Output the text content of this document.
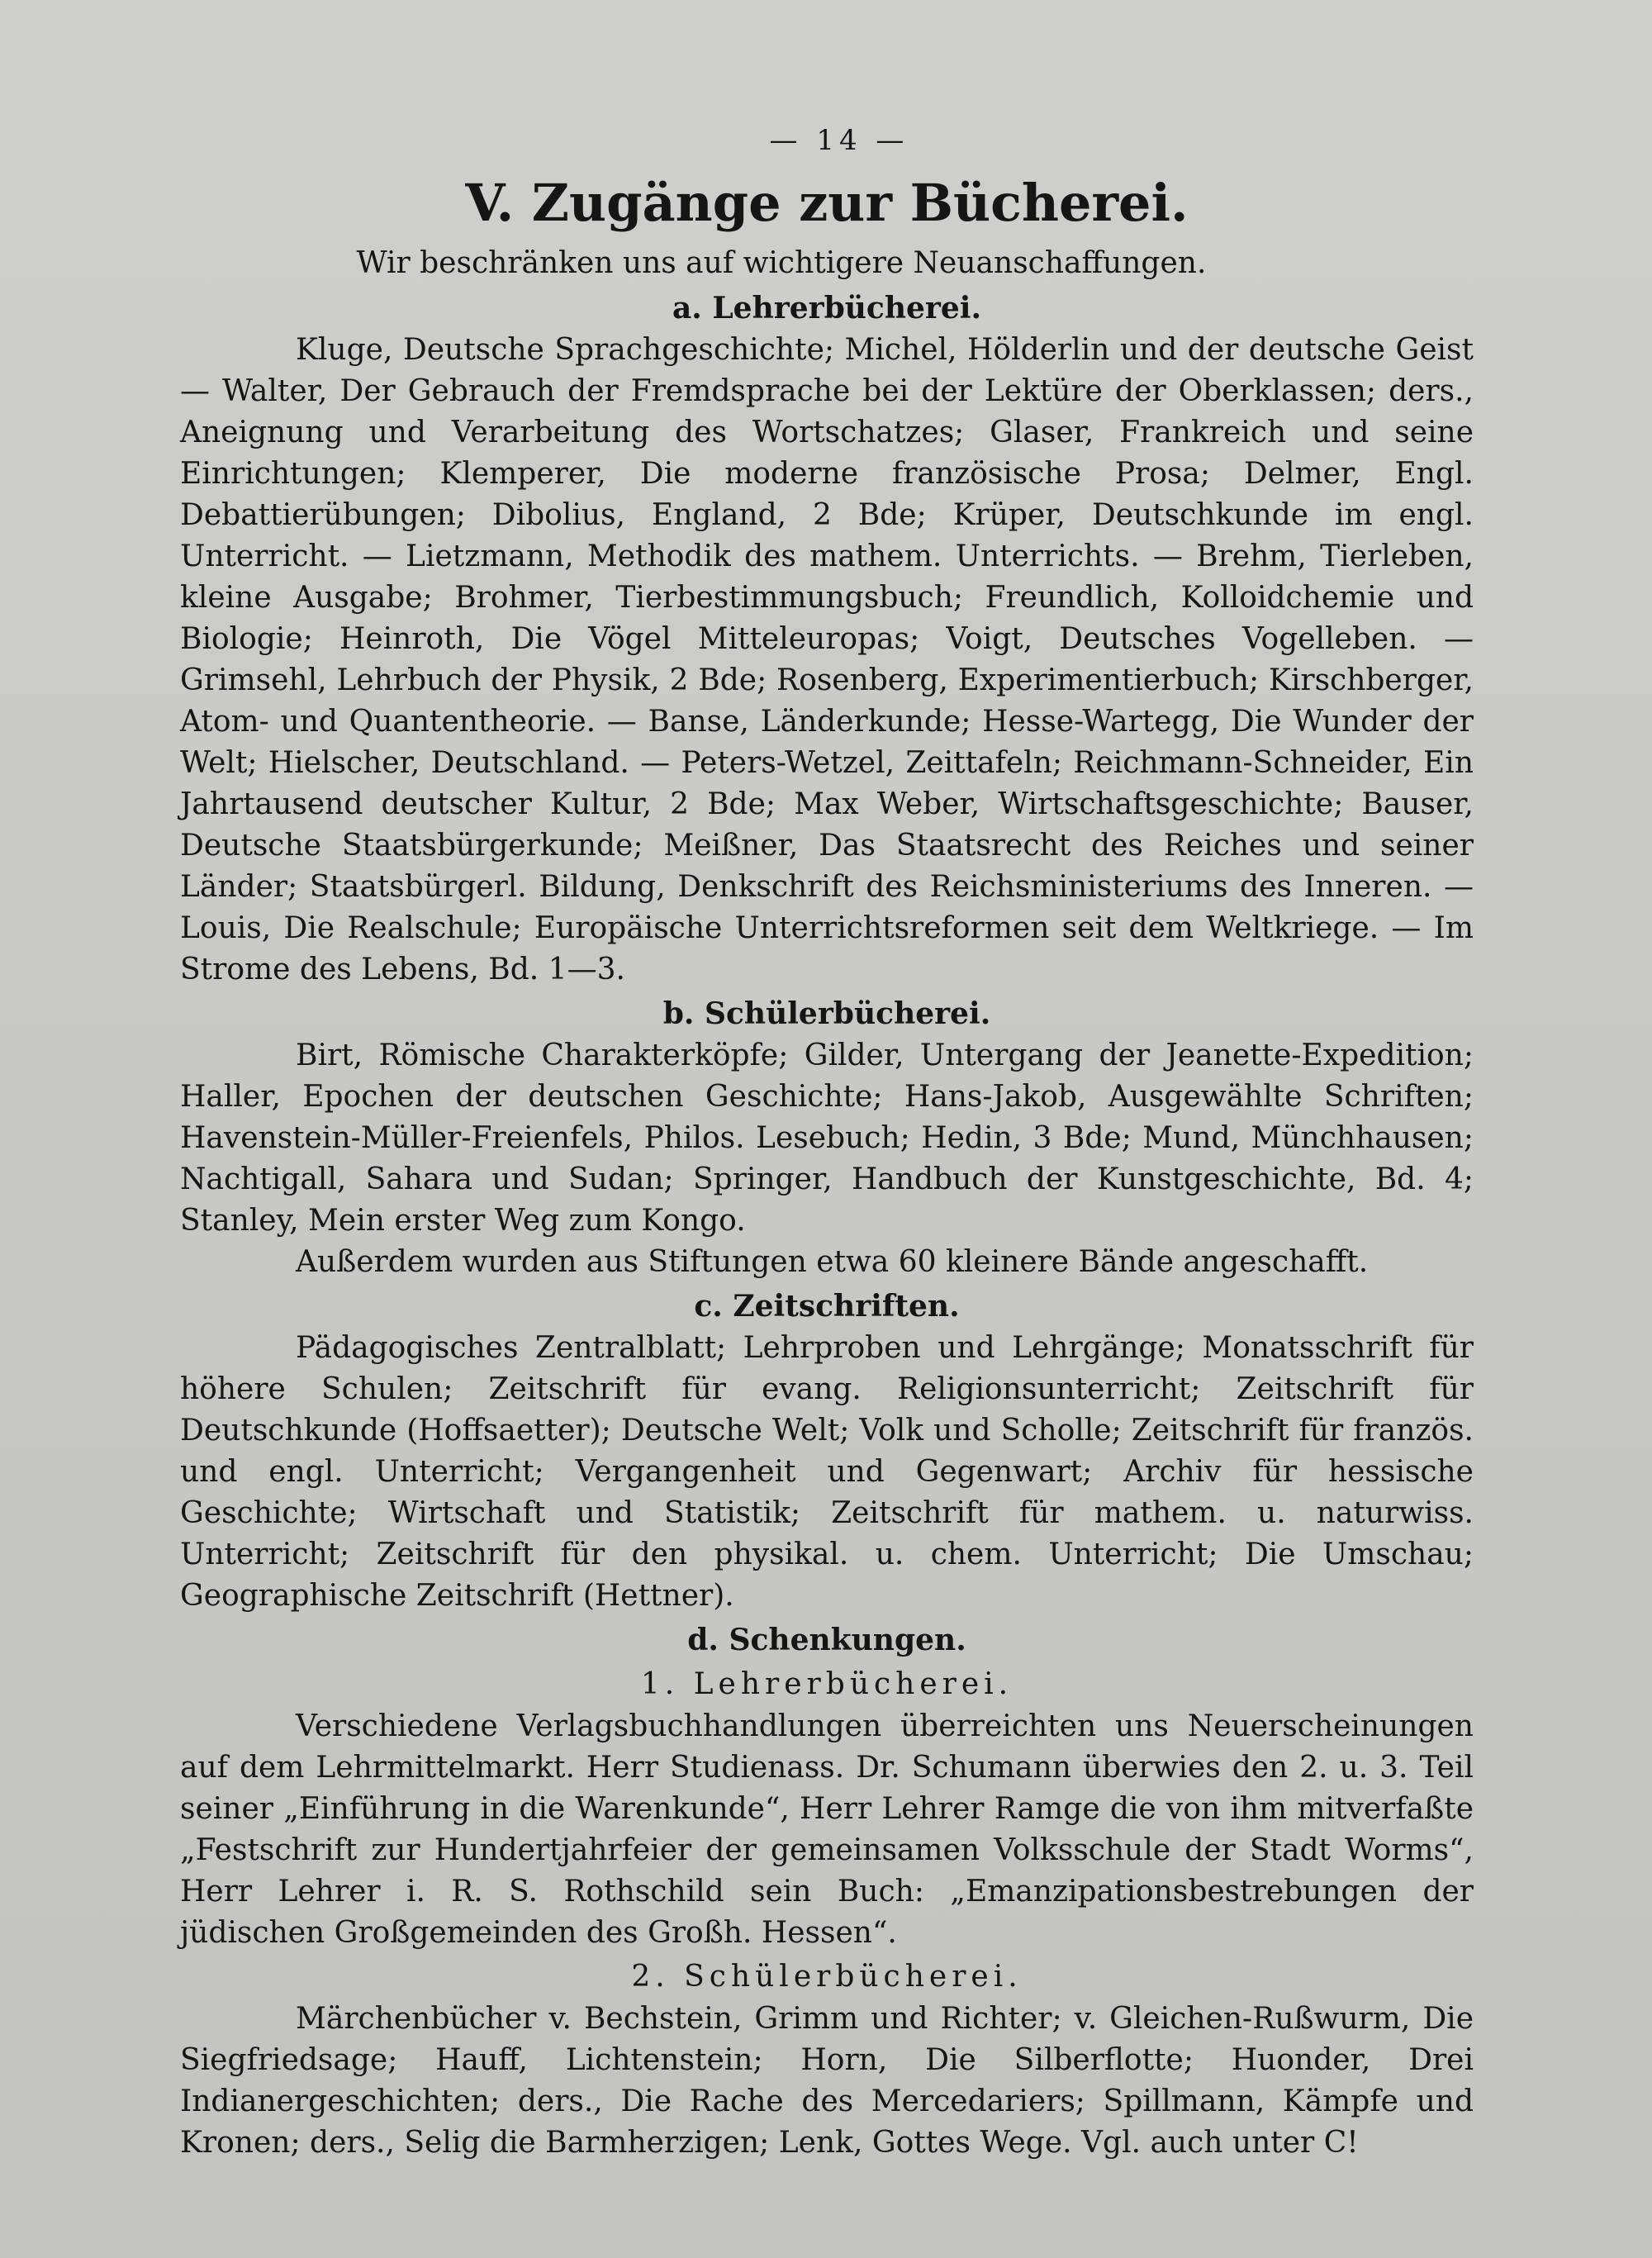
— 14 —
V. Zugänge zur Bücherei.
Wir beschränken uns auf wichtigere Neuanschaffungen.
a. Lehrerbücherei.

Kluge, Deutsche Sprachgeschichte; Michel, Hölderlin und der deutsche Geist — Walter, Der Gebrauch der Fremdsprache bei der Lektüre der Oberklassen; ders., Aneignung und Verarbeitung des Wortschatzes; Glaser, Frankreich und seine Einrichtungen; Klemperer, Die moderne französische Prosa; Delmer, Engl. Debattierübungen; Dibolius, England, 2 Bde; Krüper, Deutschkunde im engl. Unterricht. — Lietzmann, Methodik des mathem. Unterrichts. — Brehm, Tierleben, kleine Ausgabe; Brohmer, Tierbestimmungsbuch; Freundlich, Kolloidchemie und Biologie; Heinroth, Die Vögel Mitteleuropas; Voigt, Deutsches Vogelleben. — Grimsehl, Lehrbuch der Physik, 2 Bde; Rosenberg, Experimentierbuch; Kirschberger, Atom- und Quantentheorie. — Banse, Länderkunde; Hesse-Wartegg, Die Wunder der Welt; Hielscher, Deutschland. — Peters-Wetzel, Zeittafeln; Reichmann-Schneider, Ein Jahrtausend deutscher Kultur, 2 Bde; Max Weber, Wirtschaftsgeschichte; Bauser, Deutsche Staatsbürgerkunde; Meißner, Das Staatsrecht des Reiches und seiner Länder; Staatsbürgerl. Bildung, Denkschrift des Reichsministeriums des Inneren. — Louis, Die Realschule; Europäische Unterrichtsreformen seit dem Weltkriege. — Im Strome des Lebens, Bd. 1—3.

b. Schülerbücherei.

Birt, Römische Charakterköpfe; Gilder, Untergang der Jeanette-Expedition; Haller, Epochen der deutschen Geschichte; Hans-Jakob, Ausgewählte Schriften; Havenstein-Müller-Freienfels, Philos. Lesebuch; Hedin, 3 Bde; Mund, Münchhausen; Nachtigall, Sahara und Sudan; Springer, Handbuch der Kunstgeschichte, Bd. 4; Stanley, Mein erster Weg zum Kongo.

Außerdem wurden aus Stiftungen etwa 60 kleinere Bände angeschafft.

c. Zeitschriften.

Pädagogisches Zentralblatt; Lehrproben und Lehrgänge; Monatsschrift für höhere Schulen; Zeitschrift für evang. Religionsunterricht; Zeitschrift für Deutschkunde (Hoffsaetter); Deutsche Welt; Volk und Scholle; Zeitschrift für französ. und engl. Unterricht; Vergangenheit und Gegenwart; Archiv für hessische Geschichte; Wirtschaft und Statistik; Zeitschrift für mathem. u. naturwiss. Unterricht; Zeitschrift für den physikal. u. chem. Unterricht; Die Umschau; Geographische Zeitschrift (Hettner).

d. Schenkungen.
1. Lehrerbücherei.

Verschiedene Verlagsbuchhandlungen überreichten uns Neuerscheinungen auf dem Lehrmittelmarkt. Herr Studienass. Dr. Schumann überwies den 2. u. 3. Teil seiner „Einführung in die Warenkunde“, Herr Lehrer Ramge die von ihm mitverfaßte „Festschrift zur Hundertjahrfeier der gemeinsamen Volksschule der Stadt Worms“, Herr Lehrer i. R. S. Rothschild sein Buch: „Emanzipationsbestrebungen der jüdischen Großgemeinden des Großh. Hessen“.

2. Schülerbücherei.

Märchenbücher v. Bechstein, Grimm und Richter; v. Gleichen-Rußwurm, Die Siegfriedsage; Hauff, Lichtenstein; Horn, Die Silberflotte; Huonder, Drei Indianergeschichten; ders., Die Rache des Mercedariers; Spillmann, Kämpfe und Kronen; ders., Selig die Barmherzigen; Lenk, Gottes Wege. Vgl. auch unter C!
